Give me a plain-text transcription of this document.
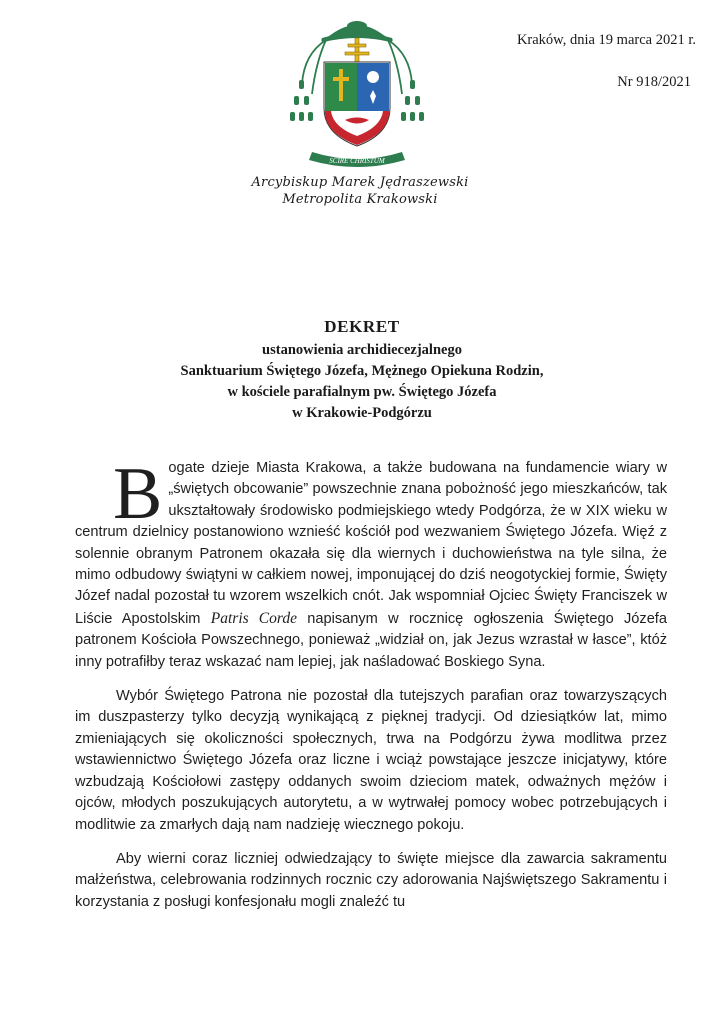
SCIRE CHRISTUM
Kraków, dnia 19 marca 2021 r.
Nr 918/2021
Arcybiskup Marek Jędraszewski
Metropolita Krakowski
DEKRET
ustanowienia archidiecezjalnego
Sanktuarium Świętego Józefa, Mężnego Opiekuna Rodzin,
w kościele parafialnym pw. Świętego Józefa
w Krakowie-Podgórzu

Bogate dzieje Miasta Krakowa, a także budowana na fundamencie wiary w „świętych obcowanie” powszechnie znana pobożność jego mieszkańców, tak ukształtowały środowisko podmiejskiego wtedy Podgórza, że w XIX wieku w centrum dzielnicy postanowiono wznieść kościół pod wezwaniem Świętego Józefa. Więź z solennie obranym Patronem okazała się dla wiernych i duchowieństwa na tyle silna, że mimo odbudowy świątyni w całkiem nowej, imponującej do dziś neogotyckiej formie, Święty Józef nadal pozostał tu wzorem wszelkich cnót. Jak wspomniał Ojciec Święty Franciszek w Liście Apostolskim Patris Corde napisanym w rocznicę ogłoszenia Świętego Józefa patronem Kościoła Powszechnego, ponieważ „widział on, jak Jezus wzrastał w łasce”, któż inny potrafiłby teraz wskazać nam lepiej, jak naśladować Boskiego Syna.

Wybór Świętego Patrona nie pozostał dla tutejszych parafian oraz towarzyszących im duszpasterzy tylko decyzją wynikającą z pięknej tradycji. Od dziesiątków lat, mimo zmieniających się okoliczności społecznych, trwa na Podgórzu żywa modlitwa przez wstawiennictwo Świętego Józefa oraz liczne i wciąż powstające jeszcze inicjatywy, które wzbudzają Kościołowi zastępy oddanych swoim dzieciom matek, odważnych mężów i ojców, młodych poszukujących autorytetu, a w wytrwałej pomocy wobec potrzebujących i modlitwie za zmarłych dają nam nadzieję wiecznego pokoju.

Aby wierni coraz liczniej odwiedzający to święte miejsce dla zawarcia sakramentu małżeństwa, celebrowania rodzinnych rocznic czy adorowania Najświętszego Sakramentu i korzystania z posługi konfesjonału mogli znaleźć tu
